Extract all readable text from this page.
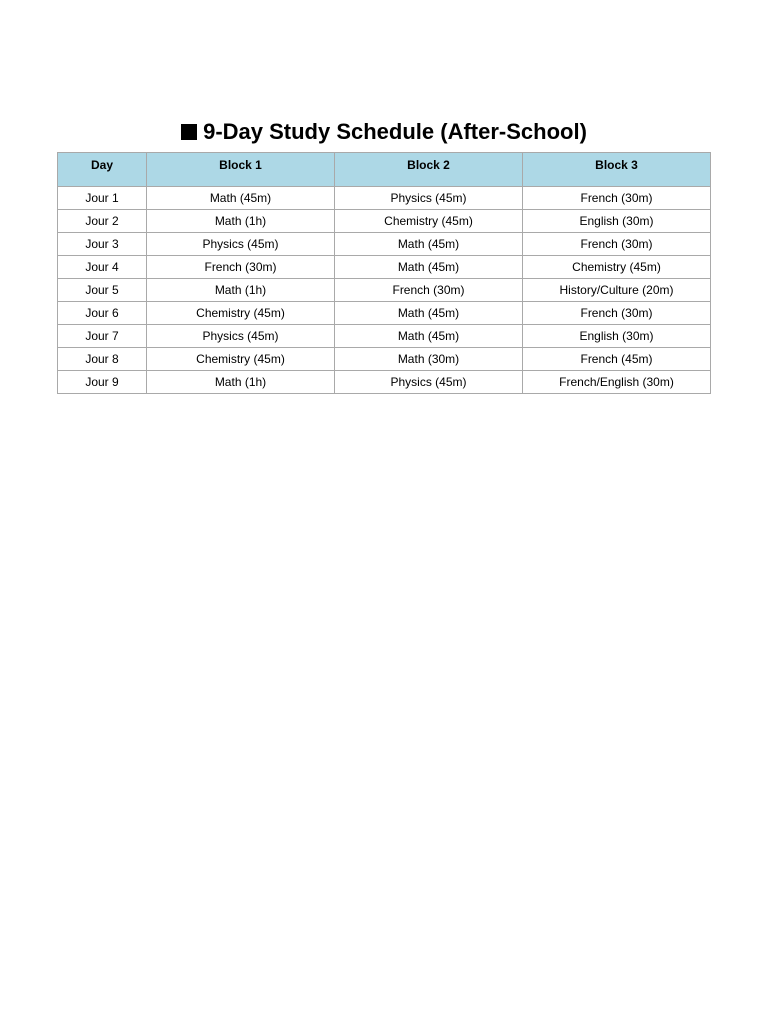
9-Day Study Schedule (After-School)
Day	Block 1	Block 2	Block 3
Jour 1	Math (45m)	Physics (45m)	French (30m)
Jour 2	Math (1h)	Chemistry (45m)	English (30m)
Jour 3	Physics (45m)	Math (45m)	French (30m)
Jour 4	French (30m)	Math (45m)	Chemistry (45m)
Jour 5	Math (1h)	French (30m)	History/Culture (20m)
Jour 6	Chemistry (45m)	Math (45m)	French (30m)
Jour 7	Physics (45m)	Math (45m)	English (30m)
Jour 8	Chemistry (45m)	Math (30m)	French (45m)
Jour 9	Math (1h)	Physics (45m)	French/English (30m)
